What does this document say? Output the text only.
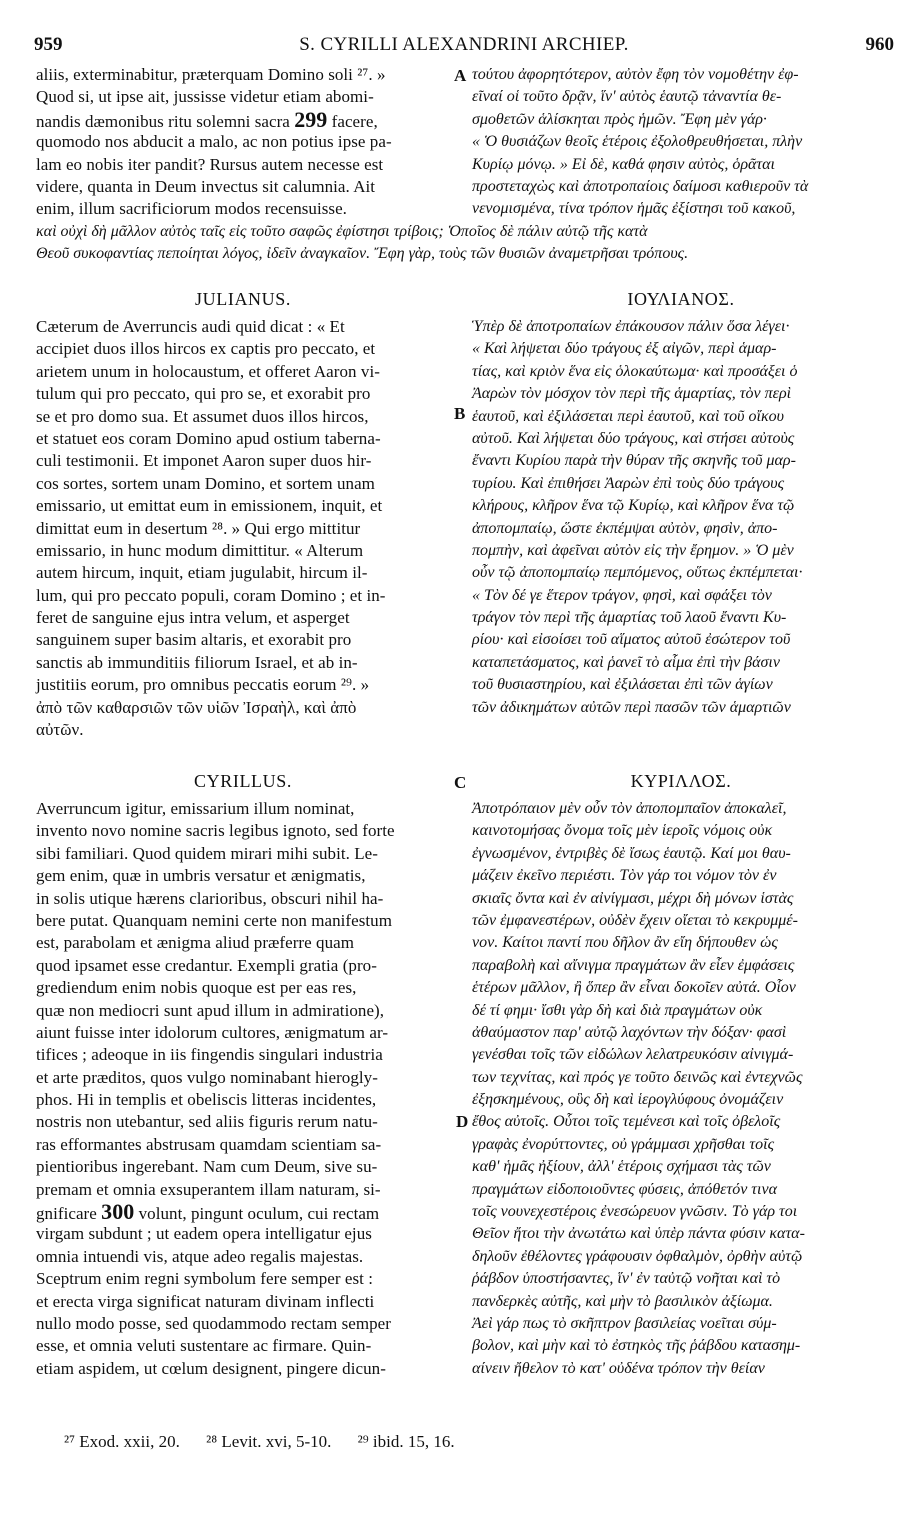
959	S. CYRILLI ALEXANDRINI ARCHIEP.	960
aliis, exterminabitur, præterquam Domino soli ²⁷. »
Quod si, ut ipse ait, jussisse videtur etiam abomi-
nandis dæmonibus ritu solemni sacra 299 facere,
quomodo nos abducit a malo, ac non potius ipse pa-
lam eo nobis iter pandit? Rursus autem necesse est
videre, quanta in Deum invectus sit calumnia. Ait
enim, illum sacrificiorum modos recensuisse.
τούτου ἀφορητότερον, αὐτὸν ἔφη τὸν νομοθέτην ἐφ-
εῖναί οἱ τοῦτο δρᾷν, ἵν' αὐτὸς ἑαυτῷ τἀναντία θε-
σμοθετῶν ἁλίσκηται πρὸς ἡμῶν. Ἔφη μὲν γάρ·
« Ὁ θυσιάζων θεοῖς ἑτέροις ἐξολοθρευθήσεται, πλὴν
Κυρίῳ μόνῳ. » Εἰ δὲ, καθά φησιν αὐτὸς, ὁρᾶται
προστεταχὼς καὶ ἀποτροπαίοις δαίμοσι καθιεροῦν τὰ
νενομισμένα, τίνα τρόπον ἡμᾶς ἐξίστησι τοῦ κακοῦ,
A
καὶ οὐχὶ δὴ μᾶλλον αὐτὸς ταῖς εἰς τοῦτο σαφῶς ἐφίστησι τρίβοις; Ὁποῖος δὲ πάλιν αὐτῷ τῆς κατὰ
Θεοῦ συκοφαντίας πεποίηται λόγος, ἰδεῖν ἀναγκαῖον. Ἔφη γὰρ, τοὺς τῶν θυσιῶν ἀναμετρῆσαι τρόπους.
JULIANUS.	ΙΟΥΛΙΑΝΟΣ.
Cæterum de Averruncis audi quid dicat : « Et
accipiet duos illos hircos ex captis pro peccato, et
arietem unum in holocaustum, et offeret Aaron vi-
tulum qui pro peccato, qui pro se, et exorabit pro
se et pro domo sua. Et assumet duos illos hircos,
et statuet eos coram Domino apud ostium taberna-
culi testimonii. Et imponet Aaron super duos hir-
cos sortes, sortem unam Domino, et sortem unam
emissario, ut emittat eum in emissionem, inquit, et
dimittat eum in desertum ²⁸. » Qui ergo mittitur
emissario, in hunc modum dimittitur. « Alterum
autem hircum, inquit, etiam jugulabit, hircum il-
lum, qui pro peccato populi, coram Domino ; et in-
feret de sanguine ejus intra velum, et asperget
sanguinem super basim altaris, et exorabit pro
sanctis ab immunditiis filiorum Israel, et ab in-
justitiis eorum, pro omnibus peccatis eorum ²⁹. »
ἀπὸ τῶν καθαρσιῶν τῶν υἱῶν Ἰσραὴλ, καὶ ἀπὸ
αὐτῶν.
Ὑπὲρ δὲ ἀποτροπαίων ἐπάκουσον πάλιν ὅσα λέγει·
« Καὶ λήψεται δύο τράγους ἐξ αἰγῶν, περὶ ἁμαρ-
τίας, καὶ κριὸν ἕνα εἰς ὁλοκαύτωμα· καὶ προσάξει ὁ
Ἀαρὼν τὸν μόσχον τὸν περὶ τῆς ἁμαρτίας, τὸν περὶ
ἑαυτοῦ, καὶ ἐξιλάσεται περὶ ἑαυτοῦ, καὶ τοῦ οἴκου
αὐτοῦ. Καὶ λήψεται δύο τράγους, καὶ στήσει αὐτοὺς
ἔναντι Κυρίου παρὰ τὴν θύραν τῆς σκηνῆς τοῦ μαρ-
τυρίου. Καὶ ἐπιθήσει Ἀαρὼν ἐπὶ τοὺς δύο τράγους
κλήρους, κλῆρον ἕνα τῷ Κυρίῳ, καὶ κλῆρον ἕνα τῷ
ἀποπομπαίῳ, ὥστε ἐκπέμψαι αὐτὸν, φησὶν, ἀπο-
πομπὴν, καὶ ἀφεῖναι αὐτὸν εἰς τὴν ἔρημον. » Ὁ μὲν
οὖν τῷ ἀποπομπαίῳ πεμπόμενος, οὕτως ἐκπέμπεται·
« Τὸν δέ γε ἕτερον τράγον, φησὶ, καὶ σφάξει τὸν
τράγον τὸν περὶ τῆς ἁμαρτίας τοῦ λαοῦ ἔναντι Κυ-
ρίου· καὶ εἰσοίσει τοῦ αἵματος αὐτοῦ ἐσώτερον τοῦ
καταπετάσματος, καὶ ῥανεῖ τὸ αἷμα ἐπὶ τὴν βάσιν
τοῦ θυσιαστηρίου, καὶ ἐξιλάσεται ἐπὶ τῶν ἁγίων
τῶν ἀδικημάτων αὐτῶν περὶ πασῶν τῶν ἁμαρτιῶν
B
CYRILLUS.	C	ΚΥΡΙΛΛΟΣ.
Averruncum igitur, emissarium illum nominat,
invento novo nomine sacris legibus ignoto, sed forte
sibi familiari. Quod quidem mirari mihi subit. Le-
gem enim, quæ in umbris versatur et ænigmatis,
in solis utique hærens clarioribus, obscuri nihil ha-
bere putat. Quanquam nemini certe non manifestum
est, parabolam et ænigma aliud præferre quam
quod ipsamet esse credantur. Exempli gratia (pro-
grediendum enim nobis quoque est per eas res,
quæ non mediocri sunt apud illum in admiratione),
aiunt fuisse inter idolorum cultores, ænigmatum ar-
tifices ; adeoque in iis fingendis singulari industria
et arte præditos, quos vulgo nominabant hierogly-
phos. Hi in templis et obeliscis litteras incidentes,
nostris non utebantur, sed aliis figuris rerum natu-
ras efformantes abstrusam quamdam scientiam sa-
pientioribus ingerebant. Nam cum Deum, sive su-
premam et omnia exsuperantem illam naturam, si-
gnificare 300 volunt, pingunt oculum, cui rectam
virgam subdunt ; ut eadem opera intelligatur ejus
omnia intuendi vis, atque adeo regalis majestas.
Sceptrum enim regni symbolum fere semper est :
et erecta virga significat naturam divinam inflecti
nullo modo posse, sed quodammodo rectam semper
esse, et omnia veluti sustentare ac firmare. Quin-
etiam aspidem, ut cœlum designent, pingere dicun-
Ἀποτρόπαιον μὲν οὖν τὸν ἀποπομπαῖον ἀποκαλεῖ,
καινοτομήσας ὄνομα τοῖς μὲν ἱεροῖς νόμοις οὐκ
ἐγνωσμένον, ἐντριβὲς δὲ ἴσως ἑαυτῷ. Καί μοι θαυ-
μάζειν ἐκεῖνο περιέστι. Τὸν γάρ τοι νόμον τὸν ἐν
σκιαῖς ὄντα καὶ ἐν αἰνίγμασι, μέχρι δὴ μόνων ἱστὰς
τῶν ἐμφανεστέρων, οὐδὲν ἔχειν οἴεται τὸ κεκρυμμέ-
νον. Καίτοι παντί που δῆλον ἂν εἴη δήπουθεν ὡς
παραβολὴ καὶ αἴνιγμα πραγμάτων ἂν εἶεν ἐμφάσεις
ἑτέρων μᾶλλον, ἢ ὅπερ ἂν εἶναι δοκοῖεν αὐτά. Οἷον
δέ τί φημι· ἴσθι γὰρ δὴ καὶ διὰ πραγμάτων οὐκ
ἀθαύμαστον παρ' αὐτῷ λαχόντων τὴν δόξαν· φασὶ
γενέσθαι τοῖς τῶν εἰδώλων λελατρευκόσιν αἰνιγμά-
των τεχνίτας, καὶ πρός γε τοῦτο δεινῶς καὶ ἐντεχνῶς
ἐξησκημένους, οὓς δὴ καὶ ἱερογλύφους ὀνομάζειν
ἔθος αὐτοῖς. Οὗτοι τοῖς τεμένεσι καὶ τοῖς ὀβελοῖς
γραφὰς ἐνορύττοντες, οὐ γράμμασι χρῆσθαι τοῖς
καθ' ἡμᾶς ἠξίουν, ἀλλ' ἑτέροις σχήμασι τὰς τῶν
πραγμάτων εἰδοποιοῦντες φύσεις, ἀπόθετόν τινα
τοῖς νουνεχεστέροις ἐνεσώρευον γνῶσιν. Τὸ γάρ τοι
Θεῖον ἤτοι τὴν ἀνωτάτω καὶ ὑπὲρ πάντα φύσιν κατα-
δηλοῦν ἐθέλοντες γράφουσιν ὀφθαλμὸν, ὀρθὴν αὐτῷ
ῥάβδον ὑποστήσαντες, ἵν' ἐν ταὐτῷ νοῆται καὶ τὸ
πανδερκὲς αὐτῆς, καὶ μὴν τὸ βασιλικὸν ἀξίωμα.
Ἀεὶ γάρ πως τὸ σκῆπτρον βασιλείας νοεῖται σύμ-
βολον, καὶ μὴν καὶ τὸ ἐστηκὸς τῆς ῥάβδου κατασημ-
αίνειν ἤθελον τὸ κατ' οὐδένα τρόπον τὴν θείαν
D
²⁷ Exod. xxii, 20. ²⁸ Levit. xvi, 5-10. ²⁹ ibid. 15, 16.
